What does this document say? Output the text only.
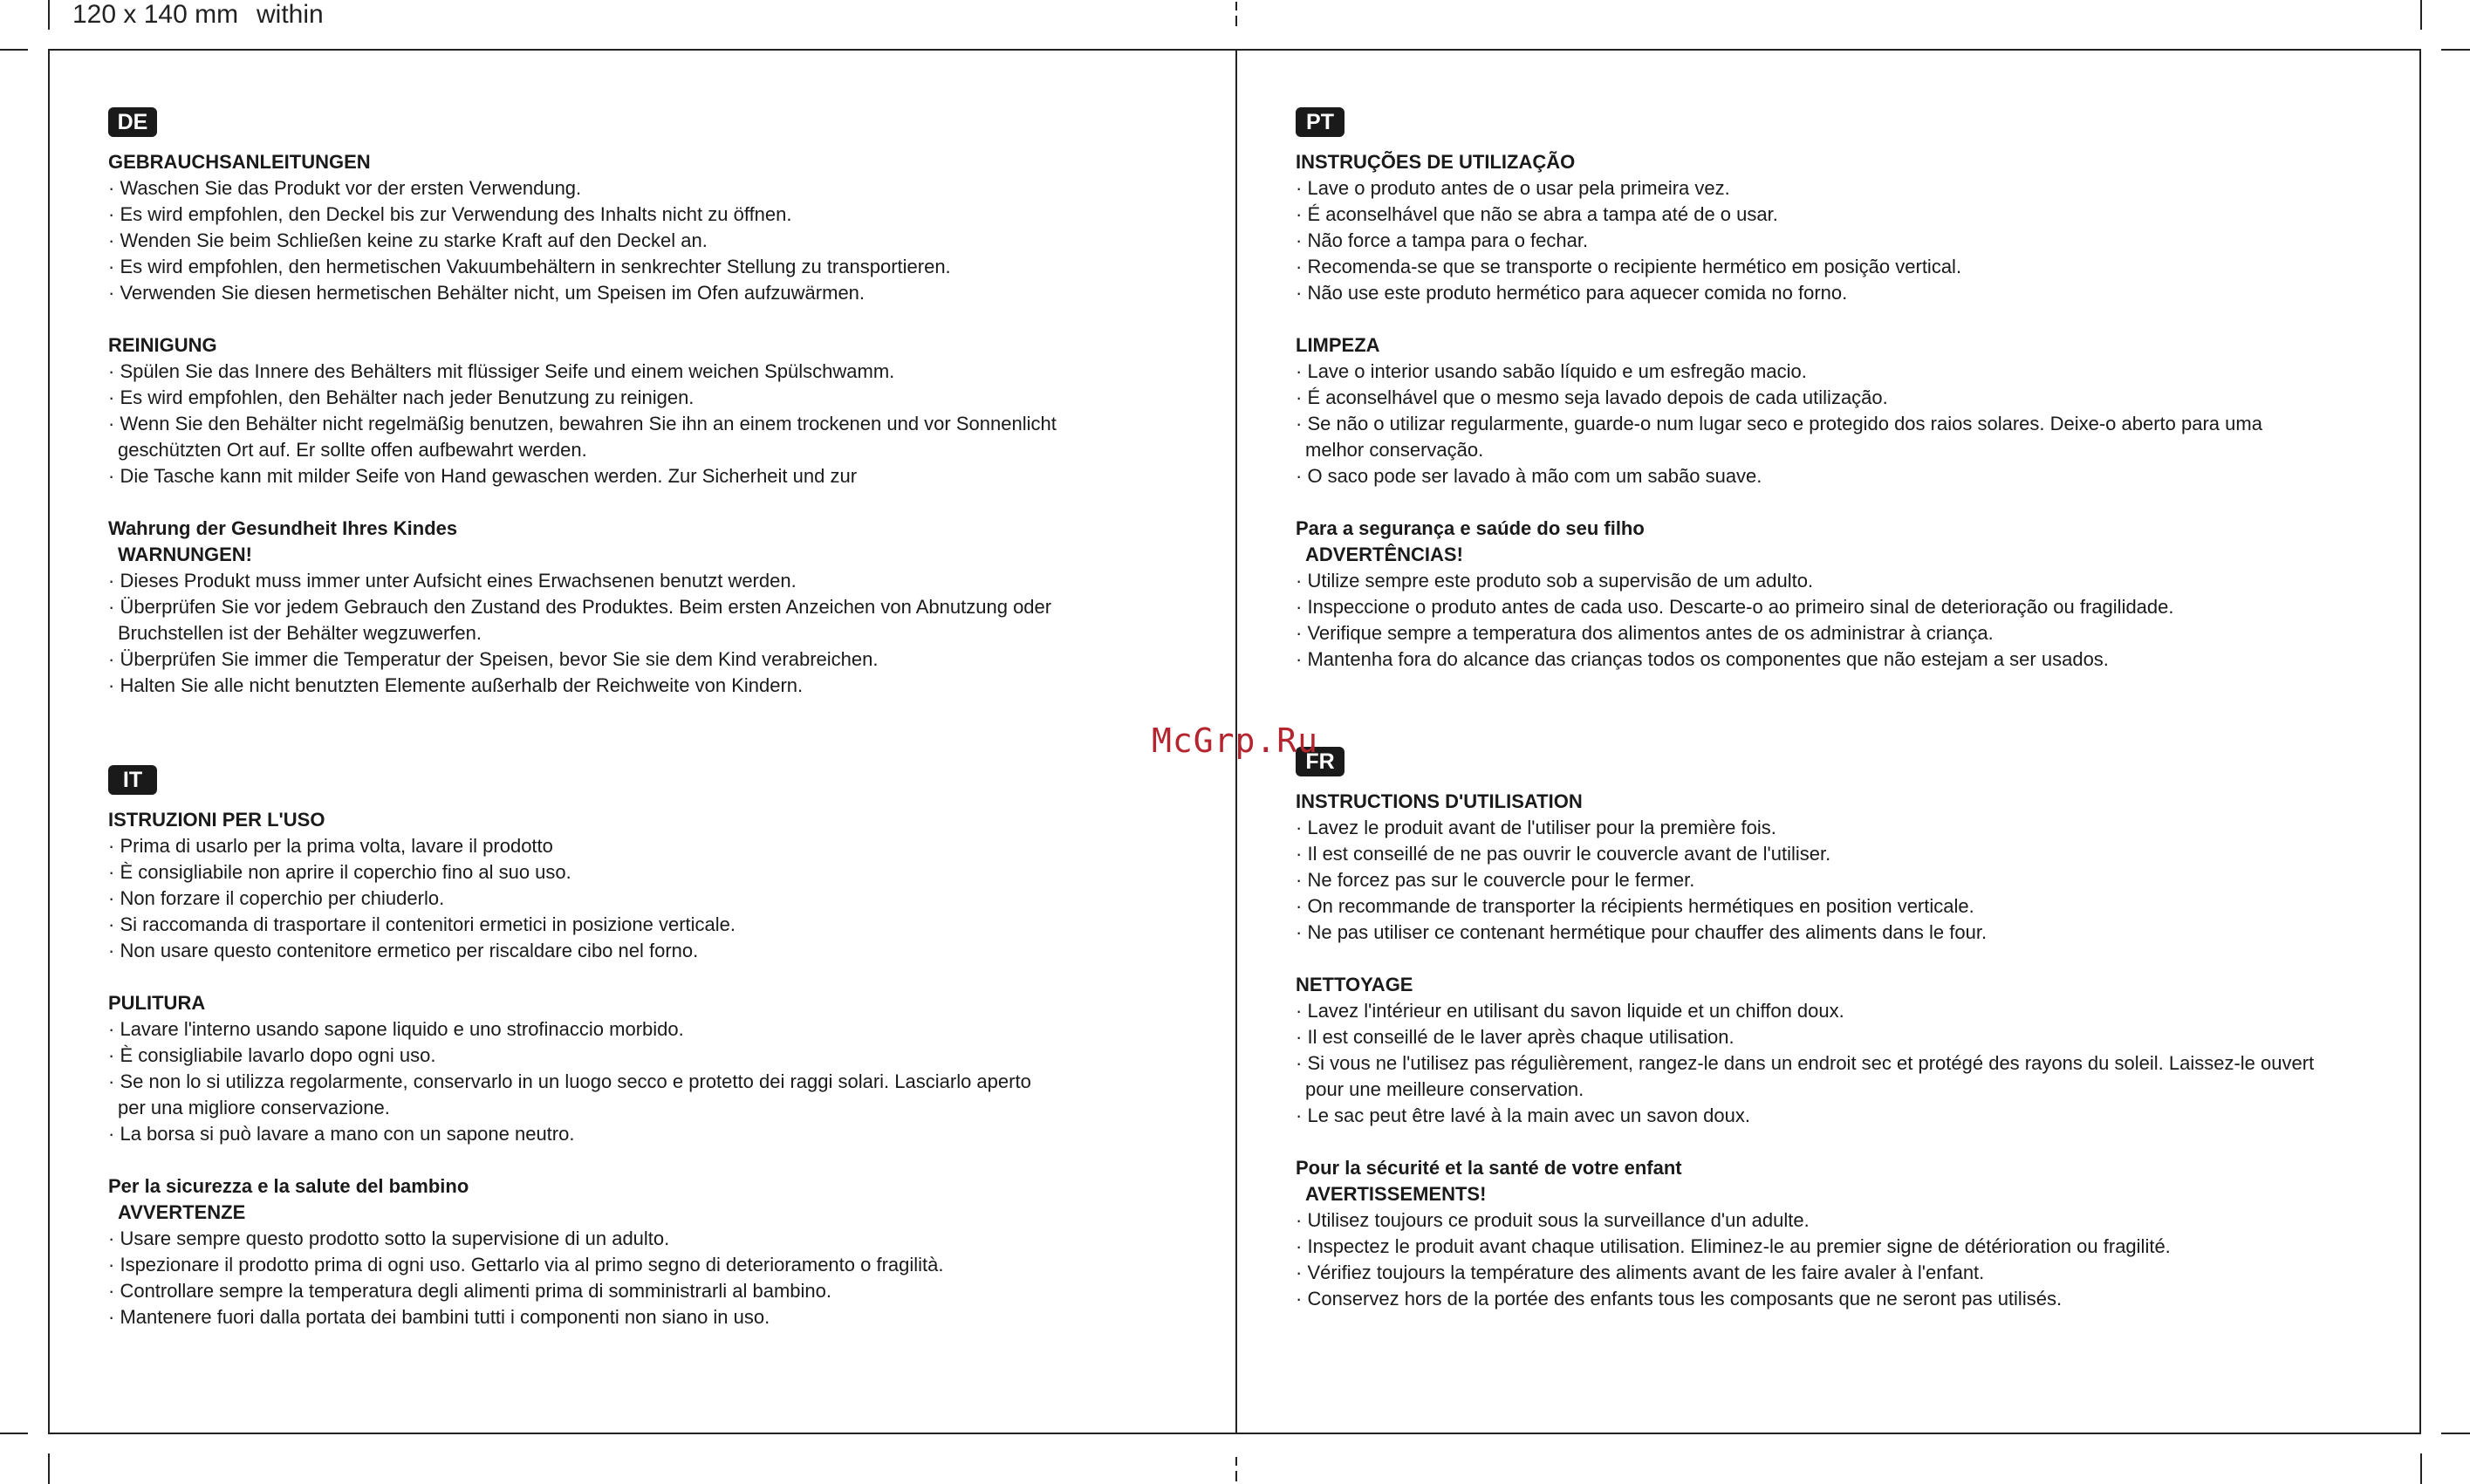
120 x 140 mm within
DE
GEBRAUCHSANLEITUNGEN
· Waschen Sie das Produkt vor der ersten Verwendung.
· Es wird empfohlen, den Deckel bis zur Verwendung des Inhalts nicht zu öffnen.
· Wenden Sie beim Schließen keine zu starke Kraft auf den Deckel an.
· Es wird empfohlen, den hermetischen Vakuumbehältern in senkrechter Stellung zu transportieren.
· Verwenden Sie diesen hermetischen Behälter nicht, um Speisen im Ofen aufzuwärmen.
REINIGUNG
· Spülen Sie das Innere des Behälters mit flüssiger Seife und einem weichen Spülschwamm.
· Es wird empfohlen, den Behälter nach jeder Benutzung zu reinigen.
· Wenn Sie den Behälter nicht regelmäßig benutzen, bewahren Sie ihn an einem trockenen und vor Sonnenlicht
geschützten Ort auf. Er sollte offen aufbewahrt werden.
· Die Tasche kann mit milder Seife von Hand gewaschen werden. Zur Sicherheit und zur
Wahrung der Gesundheit Ihres Kindes
WARNUNGEN!
· Dieses Produkt muss immer unter Aufsicht eines Erwachsenen benutzt werden.
· Überprüfen Sie vor jedem Gebrauch den Zustand des Produktes. Beim ersten Anzeichen von Abnutzung oder
Bruchstellen ist der Behälter wegzuwerfen.
· Überprüfen Sie immer die Temperatur der Speisen, bevor Sie sie dem Kind verabreichen.
· Halten Sie alle nicht benutzten Elemente außerhalb der Reichweite von Kindern.
IT
ISTRUZIONI PER L'USO
· Prima di usarlo per la prima volta, lavare il prodotto
· È consigliabile non aprire il coperchio fino al suo uso.
· Non forzare il coperchio per chiuderlo.
· Si raccomanda di trasportare il contenitori ermetici in posizione verticale.
· Non usare questo contenitore ermetico per riscaldare cibo nel forno.
PULITURA
· Lavare l'interno usando sapone liquido e uno strofinaccio morbido.
· È consigliabile lavarlo dopo ogni uso.
· Se non lo si utilizza regolarmente, conservarlo in un luogo secco e protetto dei raggi solari. Lasciarlo aperto
per una migliore conservazione.
· La borsa si può lavare a mano con un sapone neutro.
Per la sicurezza e la salute del bambino
AVVERTENZE
· Usare sempre questo prodotto sotto la supervisione di un adulto.
· Ispezionare il prodotto prima di ogni uso. Gettarlo via al primo segno di deterioramento o fragilità.
· Controllare sempre la temperatura degli alimenti prima di somministrarli al bambino.
· Mantenere fuori dalla portata dei bambini tutti i componenti non siano in uso.
PT
INSTRUÇÕES DE UTILIZAÇÃO
· Lave o produto antes de o usar pela primeira vez.
· É aconselhável que não se abra a tampa até de o usar.
· Não force a tampa para o fechar.
· Recomenda-se que se transporte o recipiente hermético em posição vertical.
· Não use este produto hermético para aquecer comida no forno.
LIMPEZA
· Lave o interior usando sabão líquido e um esfregão macio.
· É aconselhável que o mesmo seja lavado depois de cada utilização.
· Se não o utilizar regularmente, guarde-o num lugar seco e protegido dos raios solares. Deixe-o aberto para uma
melhor conservação.
· O saco pode ser lavado à mão com um sabão suave.
Para a segurança e saúde do seu filho
ADVERTÊNCIAS!
· Utilize sempre este produto sob a supervisão de um adulto.
· Inspeccione o produto antes de cada uso. Descarte-o ao primeiro sinal de deterioração ou fragilidade.
· Verifique sempre a temperatura dos alimentos antes de os administrar à criança.
· Mantenha fora do alcance das crianças todos os componentes que não estejam a ser usados.
FR
INSTRUCTIONS D'UTILISATION
· Lavez le produit avant de l'utiliser pour la première fois.
· Il est conseillé de ne pas ouvrir le couvercle avant de l'utiliser.
· Ne forcez pas sur le couvercle pour le fermer.
· On recommande de transporter la récipients hermétiques en position verticale.
· Ne pas utiliser ce contenant hermétique pour chauffer des aliments dans le four.
NETTOYAGE
· Lavez l'intérieur en utilisant du savon liquide et un chiffon doux.
· Il est conseillé de le laver après chaque utilisation.
· Si vous ne l'utilisez pas régulièrement, rangez-le dans un endroit sec et protégé des rayons du soleil. Laissez-le ouvert
pour une meilleure conservation.
· Le sac peut être lavé à la main avec un savon doux.
Pour la sécurité et la santé de votre enfant
AVERTISSEMENTS!
· Utilisez toujours ce produit sous la surveillance d'un adulte.
· Inspectez le produit avant chaque utilisation. Eliminez-le au premier signe de détérioration ou fragilité.
· Vérifiez toujours la température des aliments avant de les faire avaler à l'enfant.
· Conservez hors de la portée des enfants tous les composants que ne seront pas utilisés.
McGrp.Ru
